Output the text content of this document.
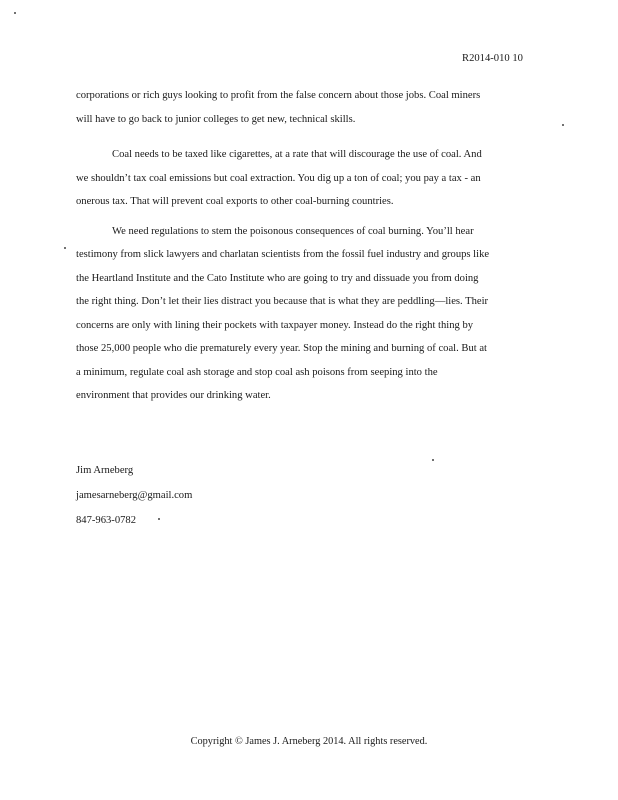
R2014-010 10
corporations or rich guys looking to profit from the false concern about those jobs. Coal miners
will have to go back to junior colleges to get new, technical skills.
Coal needs to be taxed like cigarettes, at a rate that will discourage the use of coal. And
we shouldn’t tax coal emissions but coal extraction. You dig up a ton of coal; you pay a tax - an
onerous tax. That will prevent coal exports to other coal-burning countries.
We need regulations to stem the poisonous consequences of coal burning. You’ll hear
testimony from slick lawyers and charlatan scientists from the fossil fuel industry and groups like
the Heartland Institute and the Cato Institute who are going to try and dissuade you from doing
the right thing. Don’t let their lies distract you because that is what they are peddling—lies. Their
concerns are only with lining their pockets with taxpayer money. Instead do the right thing by
those 25,000 people who die prematurely every year. Stop the mining and burning of coal. But at
a minimum, regulate coal ash storage and stop coal ash poisons from seeping into the
environment that provides our drinking water.
Jim Arneberg
jamesarneberg@gmail.com
847-963-0782
Copyright © James J. Arneberg 2014. All rights reserved.
